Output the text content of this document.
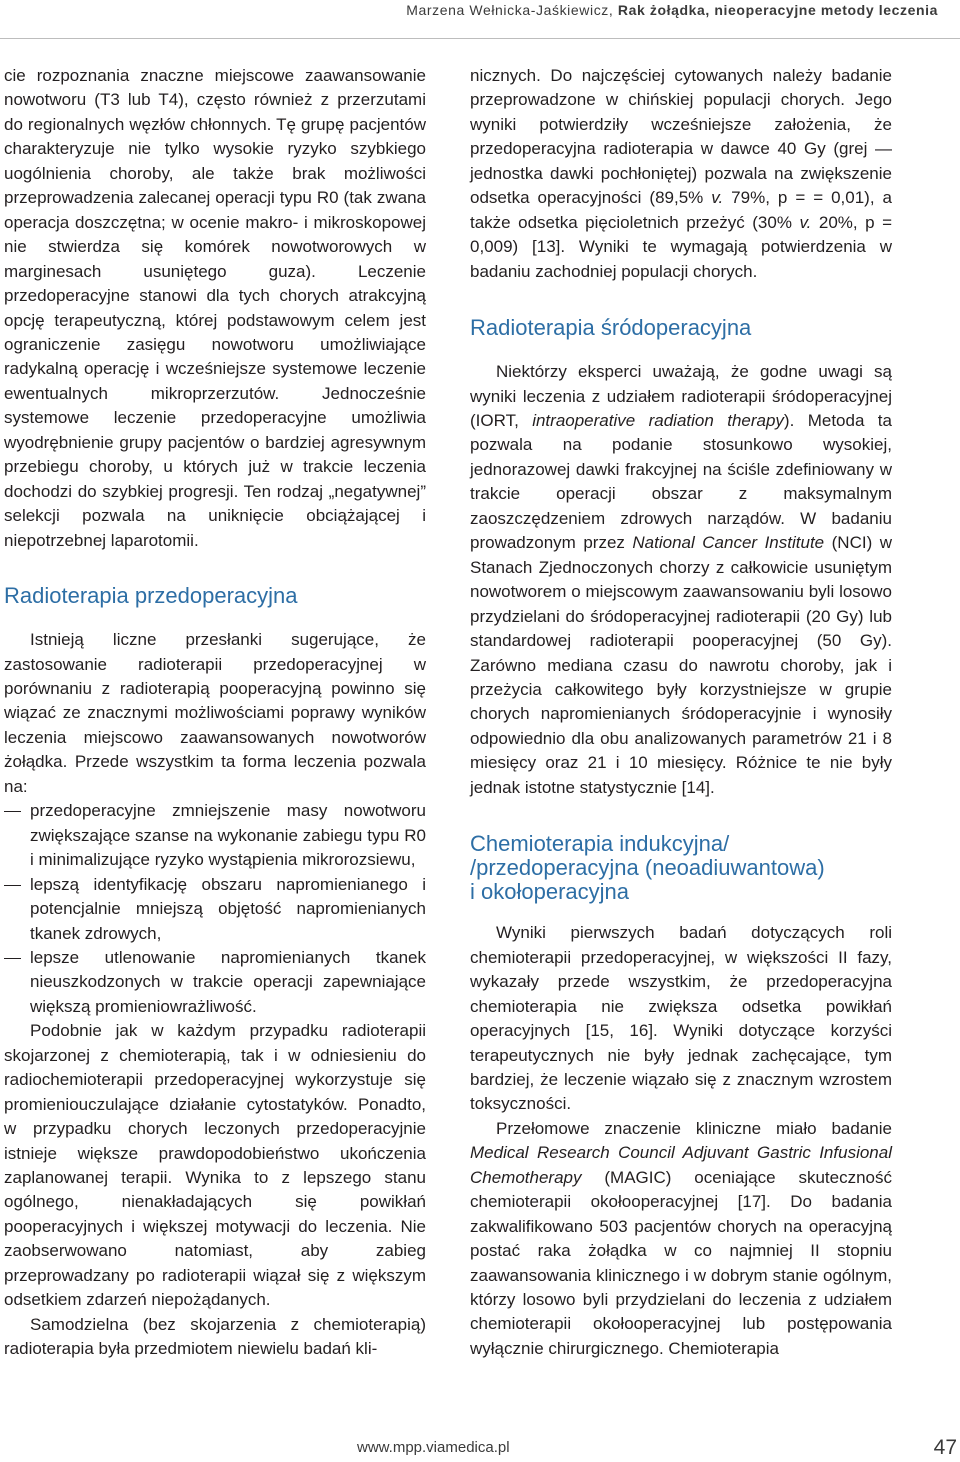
Marzena Wełnicka-Jaśkiewicz, Rak żołądka, nieoperacyjne metody leczenia

cie rozpoznania znaczne miejscowe zaawansowanie nowotworu (T3 lub T4), często również z przerzutami do regionalnych węzłów chłonnych. Tę grupę pacjentów charakteryzuje nie tylko wysokie ryzyko szybkiego uogólnienia choroby, ale także brak możliwości przeprowadzenia zalecanej operacji typu R0 (tak zwana operacja doszczętna; w ocenie makro- i mikroskopowej nie stwierdza się komórek nowotworowych w marginesach usuniętego guza). Leczenie przedoperacyjne stanowi dla tych chorych atrakcyjną opcję terapeutyczną, której podstawowym celem jest ograniczenie zasięgu nowotworu umożliwiające radykalną operację i wcześniejsze systemowe leczenie ewentualnych mikroprzerzutów. Jednocześnie systemowe leczenie przedoperacyjne umożliwia wyodrębnienie grupy pacjentów o bardziej agresywnym przebiegu choroby, u których już w trakcie leczenia dochodzi do szybkiej progresji. Ten rodzaj „negatywnej” selekcji pozwala na uniknięcie obciążającej i niepotrzebnej laparotomii.

Radioterapia przedoperacyjna

Istnieją liczne przesłanki sugerujące, że zastosowanie radioterapii przedoperacyjnej w porównaniu z radioterapią pooperacyjną powinno się wiązać ze znacznymi możliwościami poprawy wyników leczenia miejscowo zaawansowanych nowotworów żołądka. Przede wszystkim ta forma leczenia pozwala na:

przedoperacyjne zmniejszenie masy nowotworu zwiększające szanse na wykonanie zabiegu typu R0 i minimalizujące ryzyko wystąpienia mikrorozsiewu,
lepszą identyfikację obszaru napromienianego i potencjalnie mniejszą objętość napromienianych tkanek zdrowych,
lepsze utlenowanie napromienianych tkanek nieuszkodzonych w trakcie operacji zapewniające większą promieniowrażliwość.

Podobnie jak w każdym przypadku radioterapii skojarzonej z chemioterapią, tak i w odniesieniu do radiochemioterapii przedoperacyjnej wykorzystuje się promieniouczulające działanie cytostatyków. Ponadto, w przypadku chorych leczonych przedoperacyjnie istnieje większe prawdopodobieństwo ukończenia zaplanowanej terapii. Wynika to z lepszego stanu ogólnego, nienakładających się powikłań pooperacyjnych i większej motywacji do leczenia. Nie zaobserwowano natomiast, aby zabieg przeprowadzany po radioterapii wiązał się z większym odsetkiem zdarzeń niepożądanych.

Samodzielna (bez skojarzenia z chemioterapią) radioterapia była przedmiotem niewielu badań kli-

nicznych. Do najczęściej cytowanych należy badanie przeprowadzone w chińskiej populacji chorych. Jego wyniki potwierdziły wcześniejsze założenia, że przedoperacyjna radioterapia w dawce 40 Gy (grej — jednostka dawki pochłoniętej) pozwala na zwiększenie odsetka operacyjności (89,5% v. 79%, p = = 0,01), a także odsetka pięcioletnich przeżyć (30% v. 20%, p = 0,009) [13]. Wyniki te wymagają potwierdzenia w badaniu zachodniej populacji chorych.

Radioterapia śródoperacyjna

Niektórzy eksperci uważają, że godne uwagi są wyniki leczenia z udziałem radioterapii śródoperacyjnej (IORT, intraoperative radiation therapy). Metoda ta pozwala na podanie stosunkowo wysokiej, jednorazowej dawki frakcyjnej na ściśle zdefiniowany w trakcie operacji obszar z maksymalnym zaoszczędzeniem zdrowych narządów. W badaniu prowadzonym przez National Cancer Institute (NCI) w Stanach Zjednoczonych chorzy z całkowicie usuniętym nowotworem o miejscowym zaawansowaniu byli losowo przydzielani do śródoperacyjnej radioterapii (20 Gy) lub standardowej radioterapii pooperacyjnej (50 Gy). Zarówno mediana czasu do nawrotu choroby, jak i przeżycia całkowitego były korzystniejsze w grupie chorych napromienianych śródoperacyjnie i wynosiły odpowiednio dla obu analizowanych parametrów 21 i 8 miesięcy oraz 21 i 10 miesięcy. Różnice te nie były jednak istotne statystycznie [14].

Chemioterapia indukcyjna/
/przedoperacyjna (neoadiuwantowa)
i okołoperacyjna

Wyniki pierwszych badań dotyczących roli chemioterapii przedoperacyjnej, w większości II fazy, wykazały przede wszystkim, że przedoperacyjna chemioterapia nie zwiększa odsetka powikłań operacyjnych [15, 16]. Wyniki dotyczące korzyści terapeutycznych nie były jednak zachęcające, tym bardziej, że leczenie wiązało się z znacznym wzrostem toksyczności.

Przełomowe znaczenie kliniczne miało badanie Medical Research Council Adjuvant Gastric Infusional Chemotherapy (MAGIC) oceniające skuteczność chemioterapii okołooperacyjnej [17]. Do badania zakwalifikowano 503 pacjentów chorych na operacyjną postać raka żołądka w co najmniej II stopniu zaawansowania klinicznego i w dobrym stanie ogólnym, którzy losowo byli przydzielani do leczenia z udziałem chemioterapii okołooperacyjnej lub postępowania wyłącznie chirurgicznego. Chemioterapia

www.mpp.viamedica.pl	47
